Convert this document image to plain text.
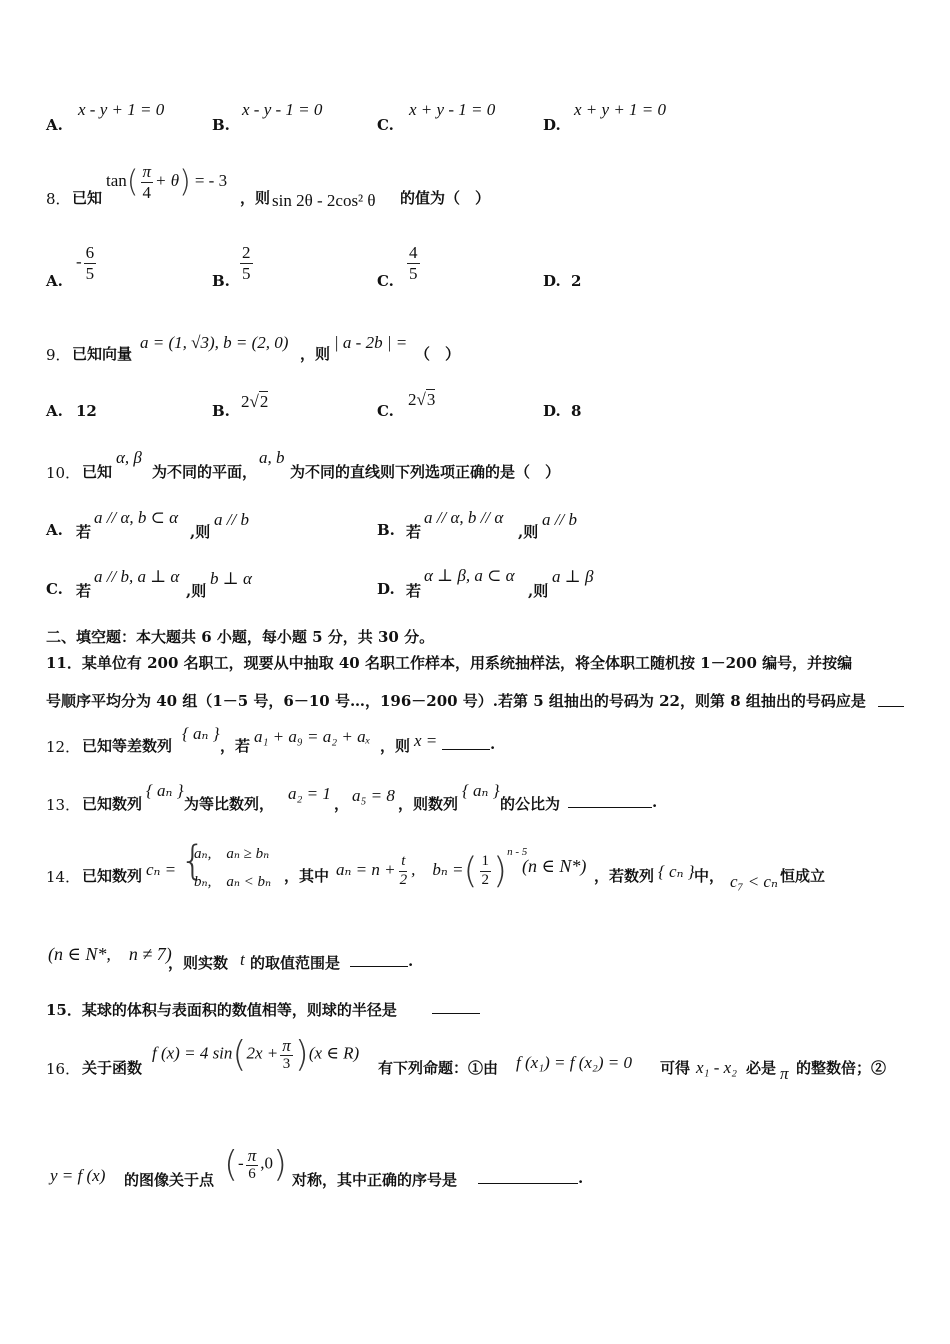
A.
x - y + 1 = 0
B.
x - y - 1 = 0
C.
x + y - 1 = 0
D.
x + y + 1 = 0
8． 已知
$\tan( \frac{\pi}{4} + \theta)$ = - 3
，则 sin 2θ - 2cos² θ 的值为（　）
A.
- $\frac{6}{5}$	B. $\frac{2}{5}$	C. $\frac{4}{5}$	D. 2
9． 已知向量
a = (1, √3), b = (2, 0)
，则
| a - 2b | =
（　）
A. 12	B. 2√2	C.
2√3
D. 8
10． 已知
α, β
为不同的平面，
a, b
为不同的直线则下列选项正确的是（　）
A. 若
a // α, b ⊂ α
,则
a // b
B. 若
a // α, b // α
,则
a // b
C. 若
a // b, a ⊥ α
,则
b ⊥ α
D. 若
α ⊥ β, a ⊂ α
,则
a ⊥ β
二、填空题：本大题共 6 小题，每小题 5 分，共 30 分。
11．某单位有 200 名职工，现要从中抽取 40 名职工作样本，用系统抽样法，将全体职工随机按 1－200 编号，并按编
号顺序平均分为 40 组（1－5 号，6－10 号…，196－200 号）.若第 5 组抽出的号码为 22，则第 8 组抽出的号码应是
12． 已知等差数列
{ aₙ }
，若 a₁ + a₉ = a₂ + aₓ ，则 x =	.
13． 已知数列
{ aₙ }
为等比数列，
a₂ = 1
， a₅ = 8 ，则数列
{ aₙ }
的公比为	.
14． 已知数列 cₙ = {
aₙ,　aₙ ≥ bₙ
bₙ,　aₙ < bₙ ，其中 $a_n = n + \frac{t}{2}$ ,　bₙ =( $\frac{1}{2} )^{n - 5}$
(n ∈ N*) ，若数列 { cₙ } 中， c₇ < cₙ 恒成立
(n ∈ N*,　n ≠ 7)
，则实数 t 的取值范围是	.
15．某球的体积与表面积的数值相等，则球的半径是
16． 关于函数
f (x) = 4 $\sin(2x + \frac{\pi}{3} )(x$ ∈ R)
有下列命题：①由 f (x₁) = f (x₂) = 0 可得 x₁ - x₂ 必是 π 的整数倍；②
y = f (x) 的图像关于点 (- $\frac{\pi}{6} ,0$) 对称，其中正确的序号是	.
